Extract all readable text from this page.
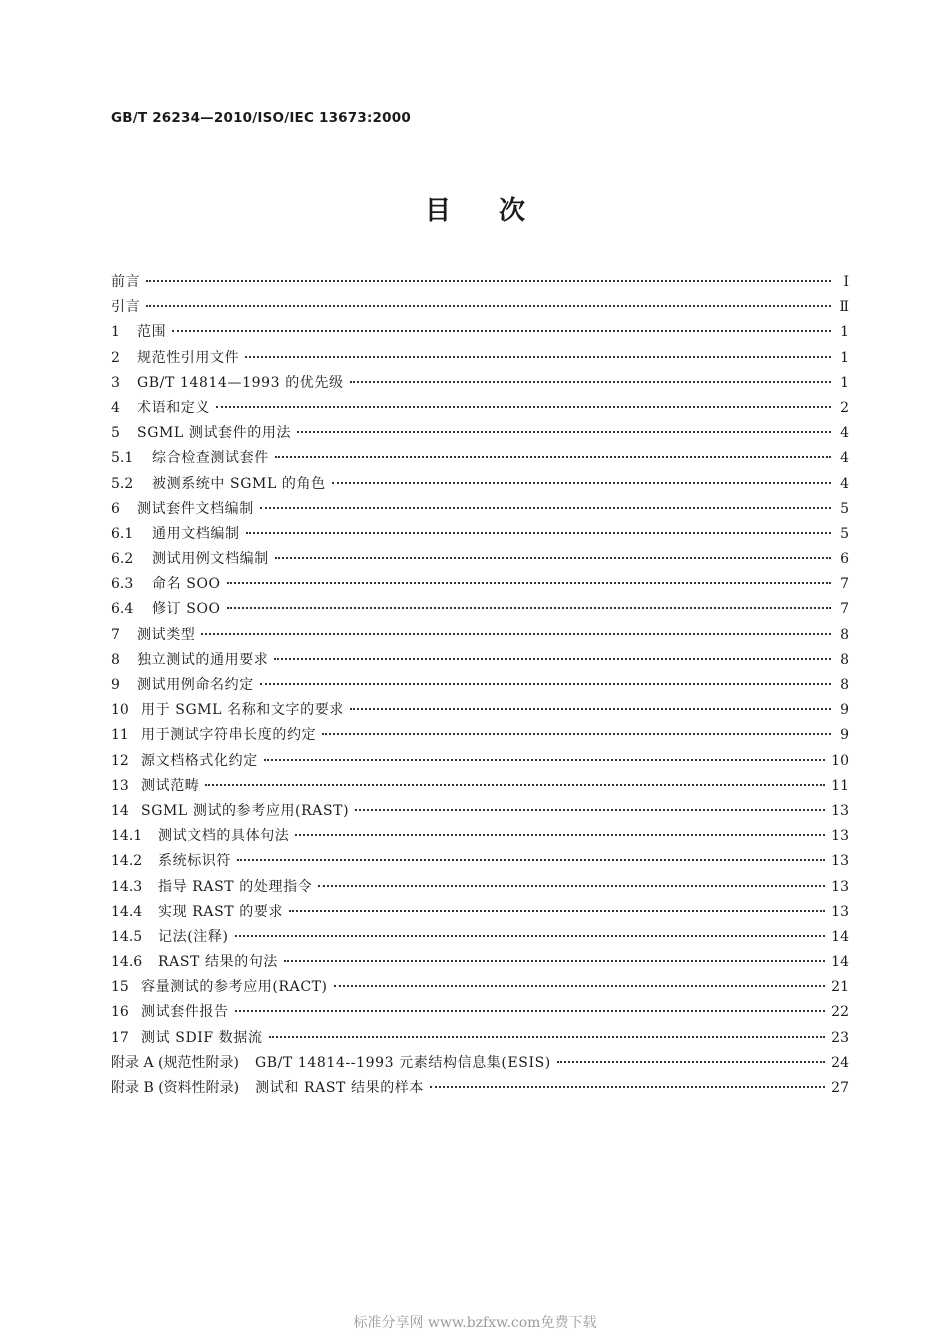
GB/T 26234—2010/ISO/IEC 13673:2000
目次
前言	Ⅰ
引言	Ⅱ
1	范围	1
2	规范性引用文件	1
3	GB/T 14814—1993 的优先级	1
4	术语和定义	2
5	SGML 测试套件的用法	4
5.1	综合检查测试套件	4
5.2	被测系统中 SGML 的角色	4
6	测试套件文档编制	5
6.1	通用文档编制	5
6.2	测试用例文档编制	6
6.3	命名 SOO	7
6.4	修订 SOO	7
7	测试类型	8
8	独立测试的通用要求	8
9	测试用例命名约定	8
10 用于 SGML 名称和文字的要求	9
11 用于测试字符串长度的约定	9
12 源文档格式化约定	10
13 测试范畴	11
14 SGML 测试的参考应用(RAST)	13
14.1	测试文档的具体句法	13
14.2	系统标识符	13
14.3	指导 RAST 的处理指令	13
14.4	实现 RAST 的要求	13
14.5	记法(注释)	14
14.6	RAST 结果的句法	14
15 容量测试的参考应用(RACT)	21
16 测试套件报告	22
17 测试 SDIF 数据流	23
附录 A (规范性附录) GB/T 14814--1993 元素结构信息集(ESIS)	24
附录 B (资料性附录) 测试和 RAST 结果的样本	27
标准分享网 www.bzfxw.com免费下载
